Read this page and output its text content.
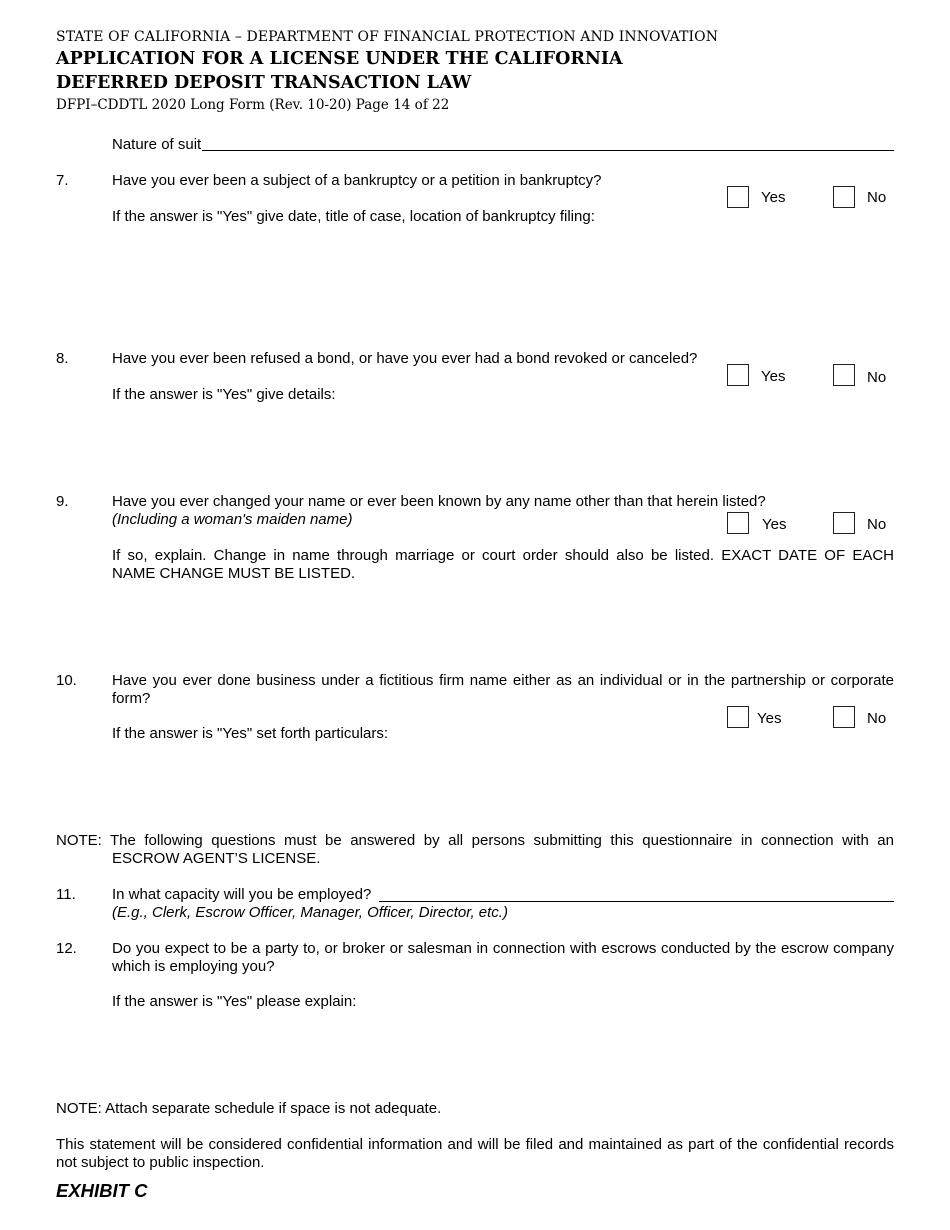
STATE OF CALIFORNIA – DEPARTMENT OF FINANCIAL PROTECTION AND INNOVATION
APPLICATION FOR A LICENSE UNDER THE CALIFORNIA
DEFERRED DEPOSIT TRANSACTION LAW
DFPI–CDDTL 2020 Long Form (Rev. 10-20) Page 14 of 22
Nature of suit
7.	Have you ever been a subject of a bankruptcy or a petition in bankruptcy?
If the answer is "Yes" give date, title of case, location of bankruptcy filing:
Yes	No
8.	Have you ever been refused a bond, or have you ever had a bond revoked or canceled?
If the answer is "Yes" give details:
Yes	No
9.	Have you ever changed your name or ever been known by any name other than that herein listed?
(Including a woman's maiden name)
If so, explain. Change in name through marriage or court order should also be listed. EXACT DATE OF EACH
NAME CHANGE MUST BE LISTED.
Yes	No
10. Have you ever done business under a fictitious firm name either as an individual or in the partnership or corporate
form?
If the answer is "Yes" set forth particulars:
Yes	No
NOTE: The following questions must be answered by all persons submitting this questionnaire in connection with an
ESCROW AGENT’S LICENSE.
11. In what capacity will you be employed?
(E.g., Clerk, Escrow Officer, Manager, Officer, Director, etc.)
12. Do you expect to be a party to, or broker or salesman in connection with escrows conducted by the escrow company
which is employing you?
If the answer is "Yes" please explain:
NOTE: Attach separate schedule if space is not adequate.
This statement will be considered confidential information and will be filed and maintained as part of the confidential records
not subject to public inspection.
EXHIBIT C
